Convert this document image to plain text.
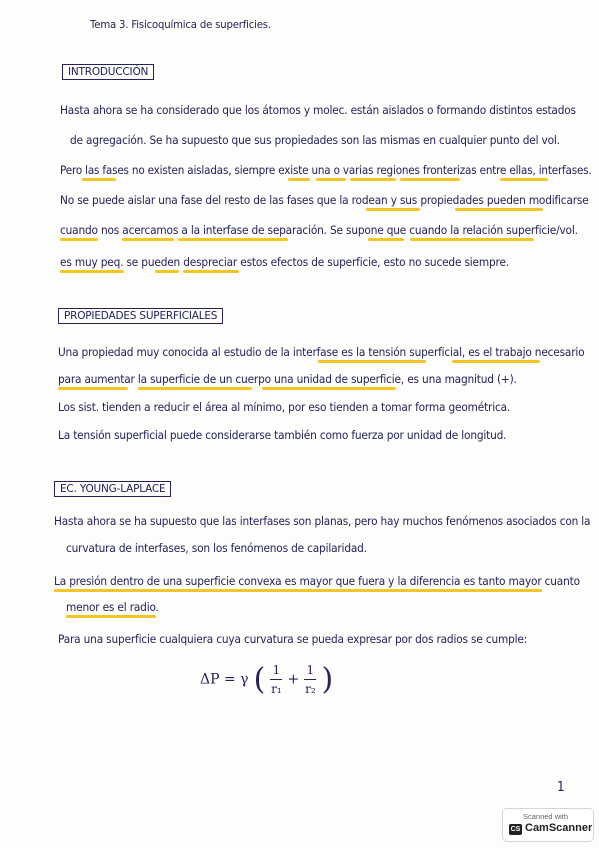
Tema 3. Fisicoquímica de superficies.
INTRODUCCIÓN
Hasta ahora se ha considerado que los átomos y molec. están aislados o formando distintos estados
de agregación. Se ha supuesto que sus propiedades son las mismas en cualquier punto del vol.
Pero las fases no existen aisladas, siempre existe una o varias regiones fronterizas entre ellas, interfases.
No se puede aislar una fase del resto de las fases que la rodean y sus propiedades pueden modificarse
cuando nos acercamos a la interfase de separación. Se supone que cuando la relación superficie/vol.
es muy peq. se pueden despreciar estos efectos de superficie, esto no sucede siempre.
PROPIEDADES SUPERFICIALES
Una propiedad muy conocida al estudio de la interfase es la tensión superficial, es el trabajo necesario
para aumentar la superficie de un cuerpo una unidad de superficie, es una magnitud (+).
Los sist. tienden a reducir el área al mínimo, por eso tienden a tomar forma geométrica.
La tensión superficial puede considerarse también como fuerza por unidad de longitud.
EC. YOUNG-LAPLACE
Hasta ahora se ha supuesto que las interfases son planas, pero hay muchos fenómenos asociados con la
curvatura de interfases, son los fenómenos de capilaridad.
La presión dentro de una superficie convexa es mayor que fuera y la diferencia es tanto mayor cuanto
menor es el radio.
Para una superficie cualquiera cuya curvatura se pueda expresar por dos radios se cumple:
ΔP = γ ( $\frac{1}{\text{r₁}} + \frac{1}{\text{r₂}}$ )
1
Scanned with
CS CamScanner
